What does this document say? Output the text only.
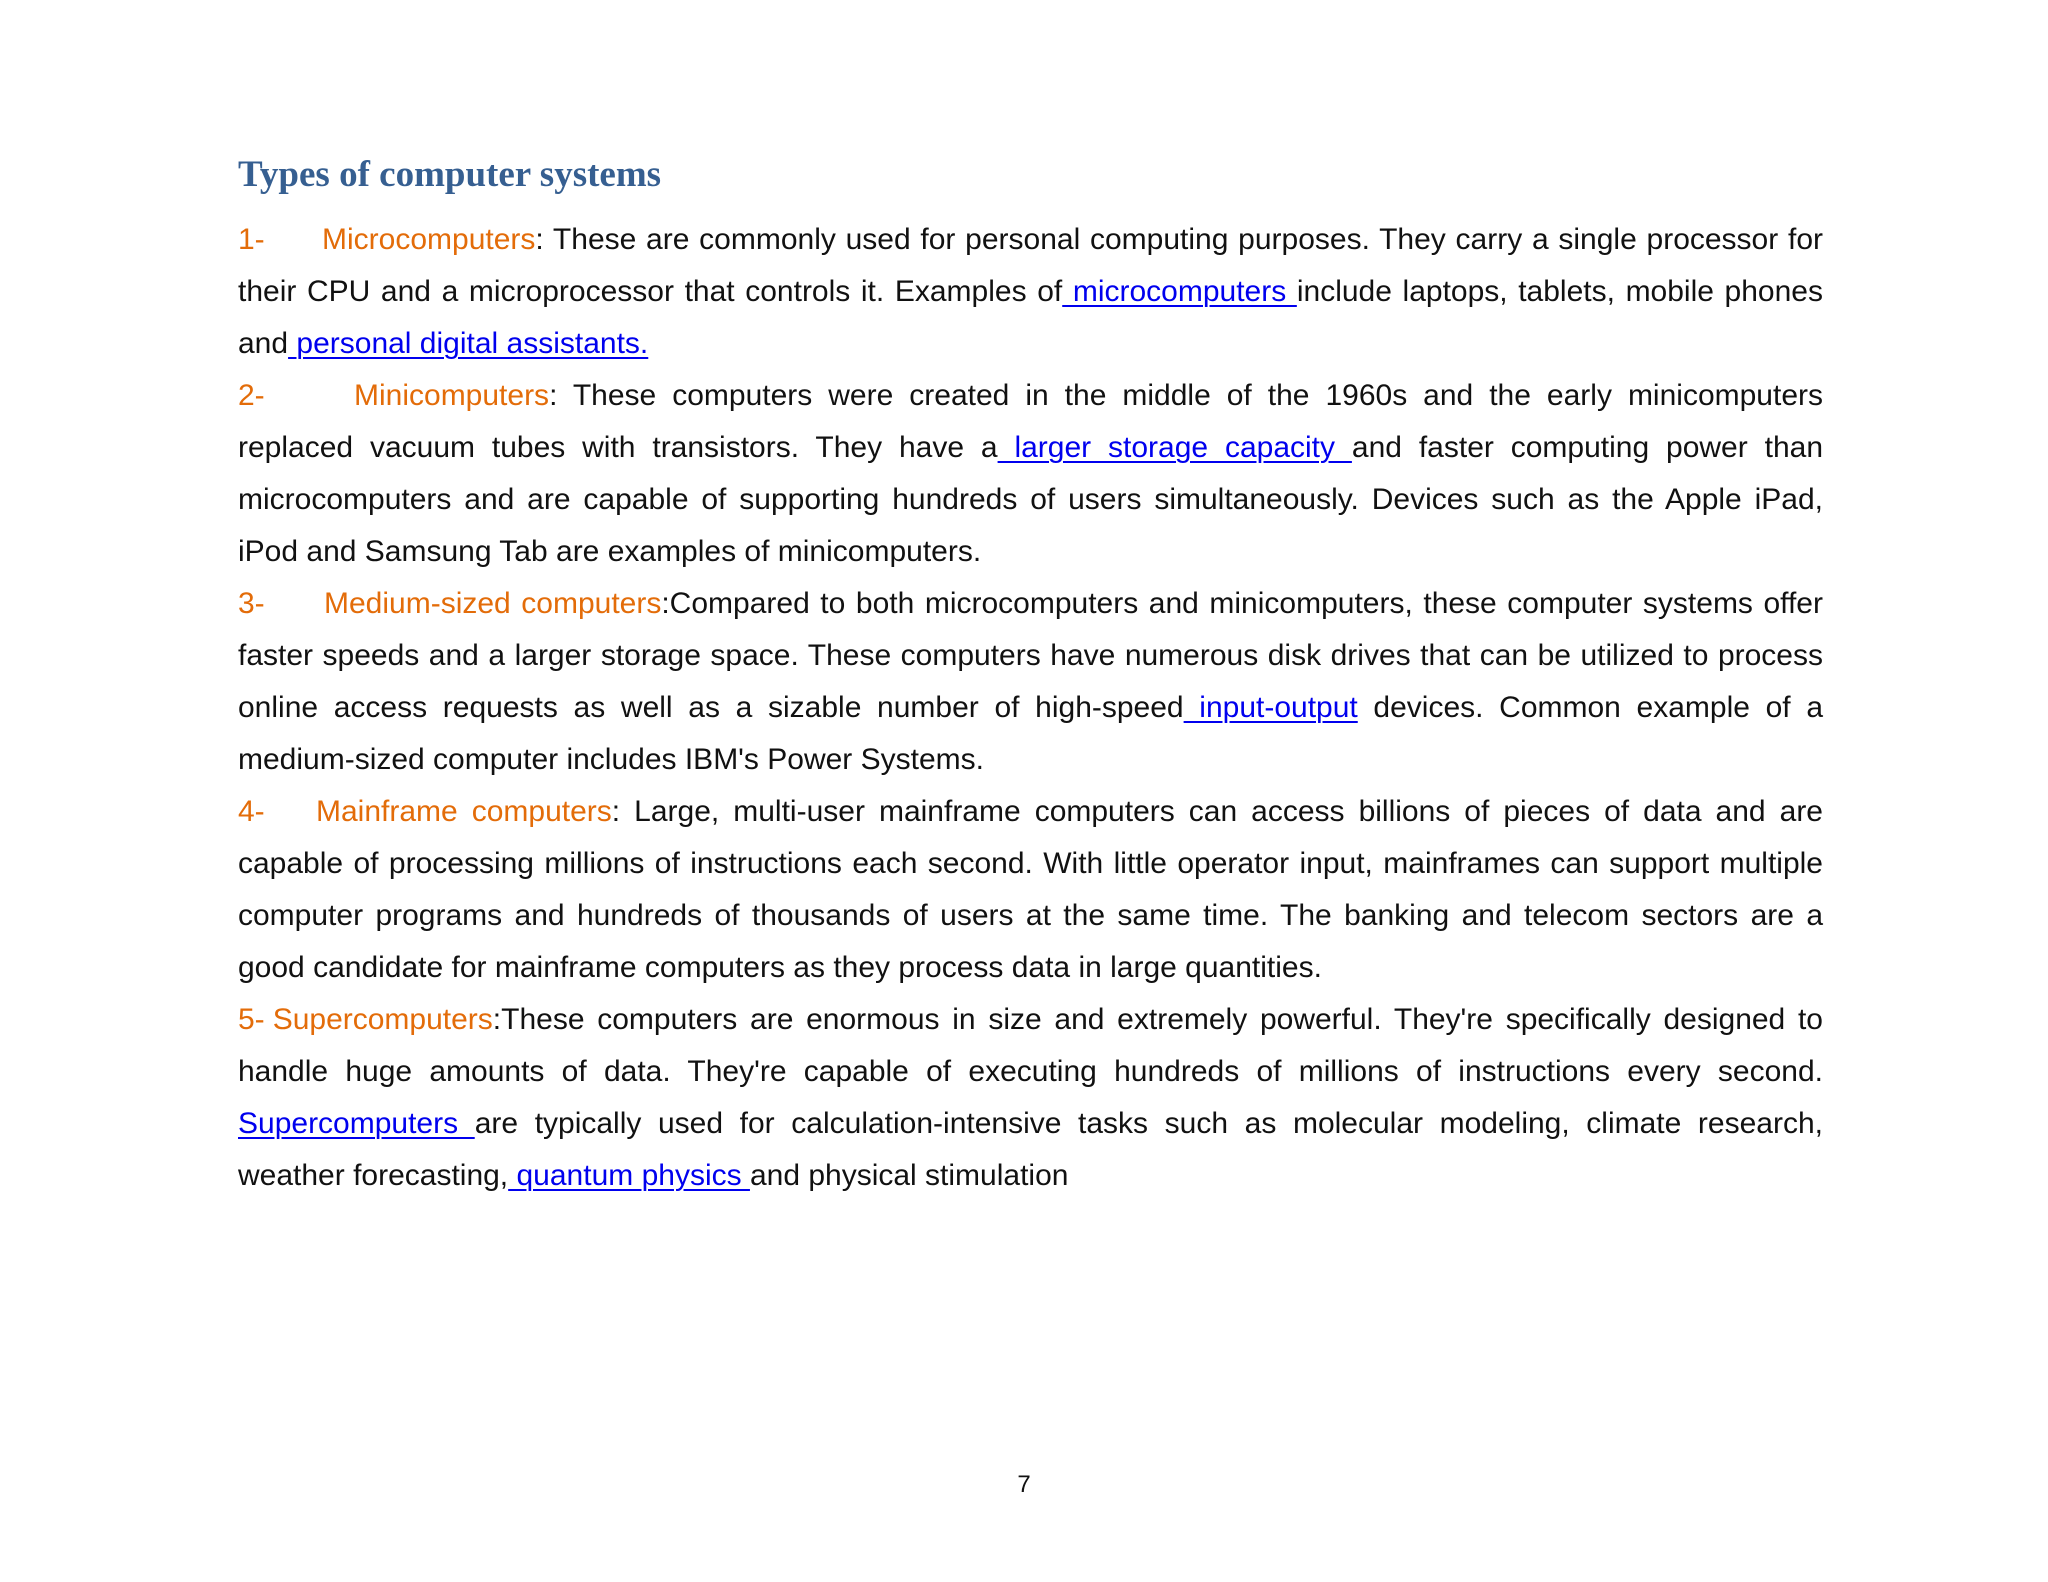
Types of computer systems

1- Microcomputers: These are commonly used for personal computing purposes. They carry a single processor for their CPU and a microprocessor that controls it. Examples of microcomputers include laptops, tablets, mobile phones and personal digital assistants.

2-	Minicomputers: These computers were created in the middle of the 1960s and the early minicomputers replaced vacuum tubes with transistors. They have a larger storage capacity and faster computing power than microcomputers and are capable of supporting hundreds of users simultaneously. Devices such as the Apple iPad, iPod and Samsung Tab are examples of minicomputers.

3- Medium-sized computers:Compared to both microcomputers and minicomputers, these computer systems offer faster speeds and a larger storage space. These computers have numerous disk drives that can be utilized to process online access requests as well as a sizable number of high-speed input-output devices. Common example of a medium-sized computer includes IBM's Power Systems.

4- Mainframe computers: Large, multi-user mainframe computers can access billions of pieces of data and are capable of processing millions of instructions each second. With little operator input, mainframes can support multiple computer programs and hundreds of thousands of users at the same time. The banking and telecom sectors are a good candidate for mainframe computers as they process data in large quantities.

5- Supercomputers:These computers are enormous in size and extremely powerful. They're specifically designed to handle huge amounts of data. They're capable of executing hundreds of millions of instructions every second. Supercomputers are typically used for calculation-intensive tasks such as molecular modeling, climate research, weather forecasting, quantum physics and physical stimulation

7
